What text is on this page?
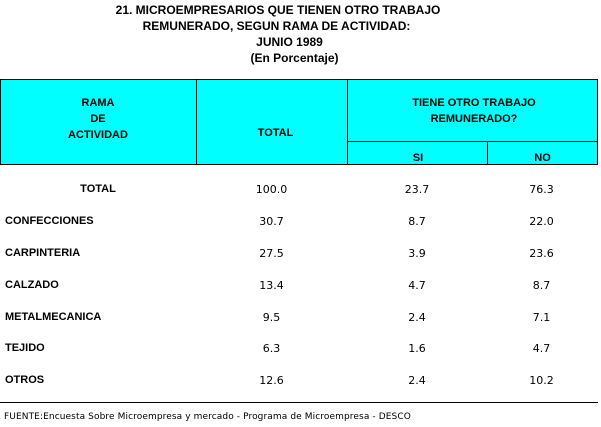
21. MICROEMPRESARIOS QUE TIENEN OTRO TRABAJO
REMUNERADO, SEGUN RAMA DE ACTIVIDAD:
JUNIO 1989
(En Porcentaje)
RAMA
DE
ACTIVIDAD	TOTAL
TIENE OTRO TRABAJO
REMUNERADO?
SI	NO
TOTAL	100.0	23.7	76.3
CONFECCIONES	30.7	8.7	22.0
CARPINTERIA	27.5	3.9	23.6
CALZADO	13.4	4.7	8.7
METALMECANICA	9.5	2.4	7.1
TEJIDO	6.3	1.6	4.7
OTROS	12.6	2.4	10.2
FUENTE:Encuesta Sobre Microempresa y mercado - Programa de Microempresa - DESCO
